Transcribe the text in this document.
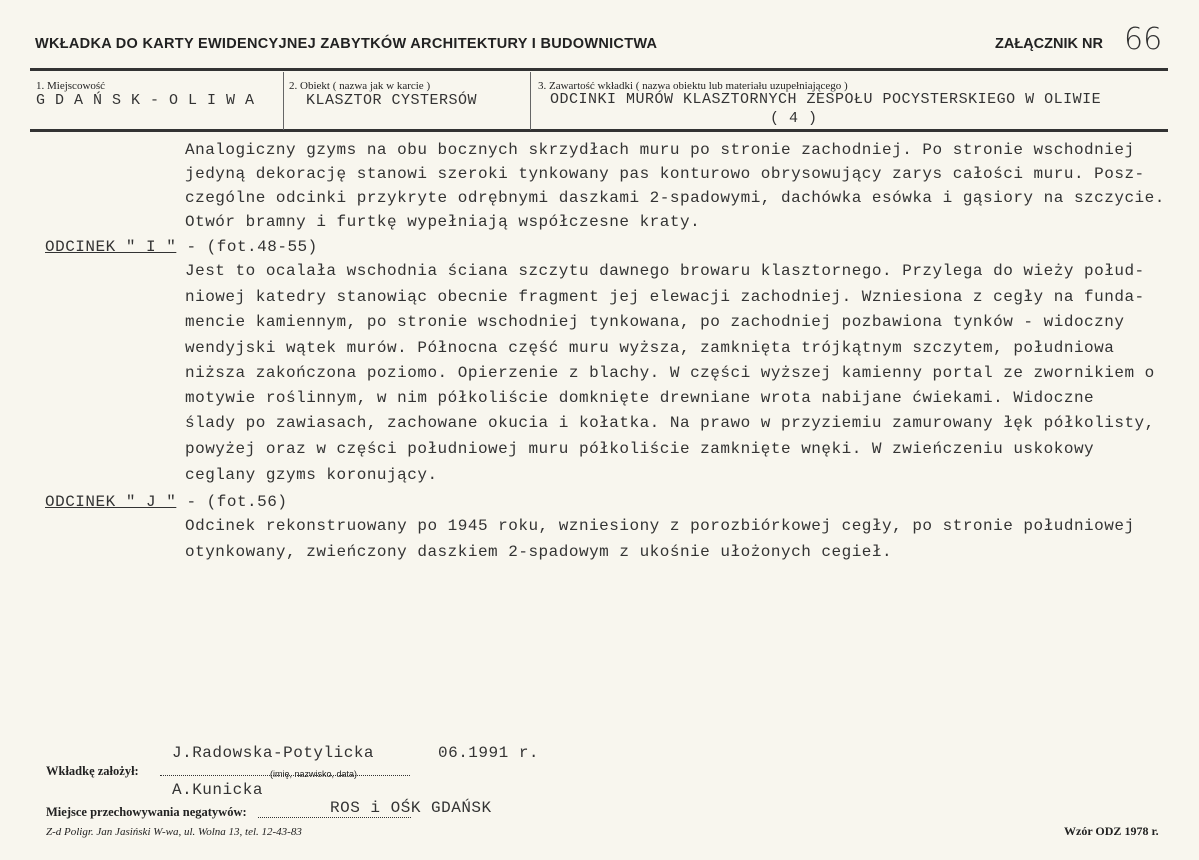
WKŁADKA DO KARTY EWIDENCYJNEJ ZABYTKÓW ARCHITEKTURY I BUDOWNICTWA	ZAŁĄCZNIK NR 66
1. Miejscowość
G D A Ń S K - O L I W A
2. Obiekt ( nazwa jak w karcie )
KLASZTOR CYSTERSÓW
3. Zawartość wkładki ( nazwa obiektu lub materiału uzupełniającego )
ODCINKI MURÓW KLASZTORNYCH ZESPOŁU POCYSTERSKIEGO W OLIWIE
( 4 )
Analogiczny gzyms na obu bocznych skrzydłach muru po stronie zachodniej. Po stronie wschodniej
jedyną dekorację stanowi szeroki tynkowany pas konturowo obrysowujący zarys całości muru. Posz-
czególne odcinki przykryte odrębnymi daszkami 2-spadowymi, dachówka esówka i gąsiory na szczycie.
Otwór bramny i furtkę wypełniają współczesne kraty.
ODCINEK " I " - (fot.48-55)
Jest to ocalała wschodnia ściana szczytu dawnego browaru klasztornego. Przylega do wieży połud-
niowej katedry stanowiąc obecnie fragment jej elewacji zachodniej. Wzniesiona z cegły na funda-
mencie kamiennym, po stronie wschodniej tynkowana, po zachodniej pozbawiona tynków - widoczny
wendyjski wątek murów. Północna część muru wyższa, zamknięta trójkątnym szczytem, południowa
niższa zakończona poziomo. Opierzenie z blachy. W części wyższej kamienny portal ze zwornikiem o
motywie roślinnym, w nim półkoliście domknięte drewniane wrota nabijane ćwiekami. Widoczne
ślady po zawiasach, zachowane okucia i kołatka. Na prawo w przyziemiu zamurowany łęk półkolisty,
powyżej oraz w części południowej muru półkoliście zamknięte wnęki. W zwieńczeniu uskokowy
ceglany gzyms koronujący.
ODCINEK " J " - (fot.56)
Odcinek rekonstruowany po 1945 roku, wzniesiony z porozbiórkowej cegły, po stronie południowej
otynkowany, zwieńczony daszkiem 2-spadowym z ukośnie ułożonych cegieł.
J.Radowska-Potylicka	06.1991 r.
Wkładkę założył:
A.Kunicka
(imię, nazwisko, data)
Miejsce przechowywania negatywów:	ROS i OŚK GDAŃSK
Z-d Poligr. Jan Jasiński W-wa, ul. Wolna 13, tel. 12-43-83	Wzór ODZ 1978 r.
